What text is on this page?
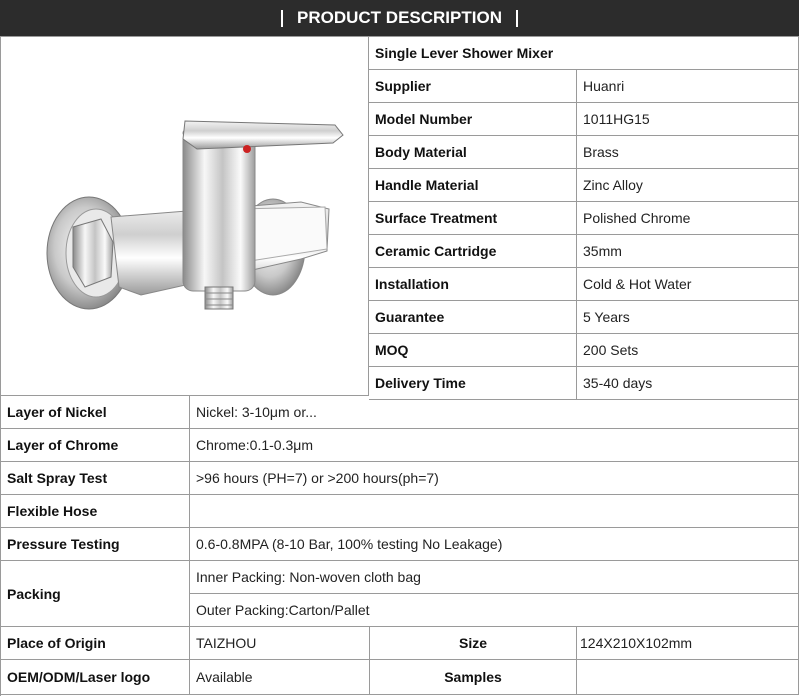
PRODUCT DESCRIPTION
Single Lever Shower Mixer
Supplier	Huanri
Model Number	1011HG15
Body Material	Brass
Handle Material	Zinc Alloy
Surface Treatment	Polished Chrome
Ceramic Cartridge	35mm
Installation	Cold & Hot Water
Guarantee	5 Years
MOQ	200 Sets
Delivery Time	35-40 days
Layer of Nickel	Nickel: 3-10μm or...
Layer of Chrome	Chrome:0.1-0.3μm
Salt Spray Test	>96 hours (PH=7) or >200 hours(ph=7)
Flexible Hose
Pressure Testing	0.6-0.8MPA (8-10 Bar, 100% testing No Leakage)
Packing
Inner Packing: Non-woven cloth bag
Outer Packing:Carton/Pallet
Place of Origin	TAIZHOU	Size	124X210X102mm
OEM/ODM/Laser logo	Available	Samples
